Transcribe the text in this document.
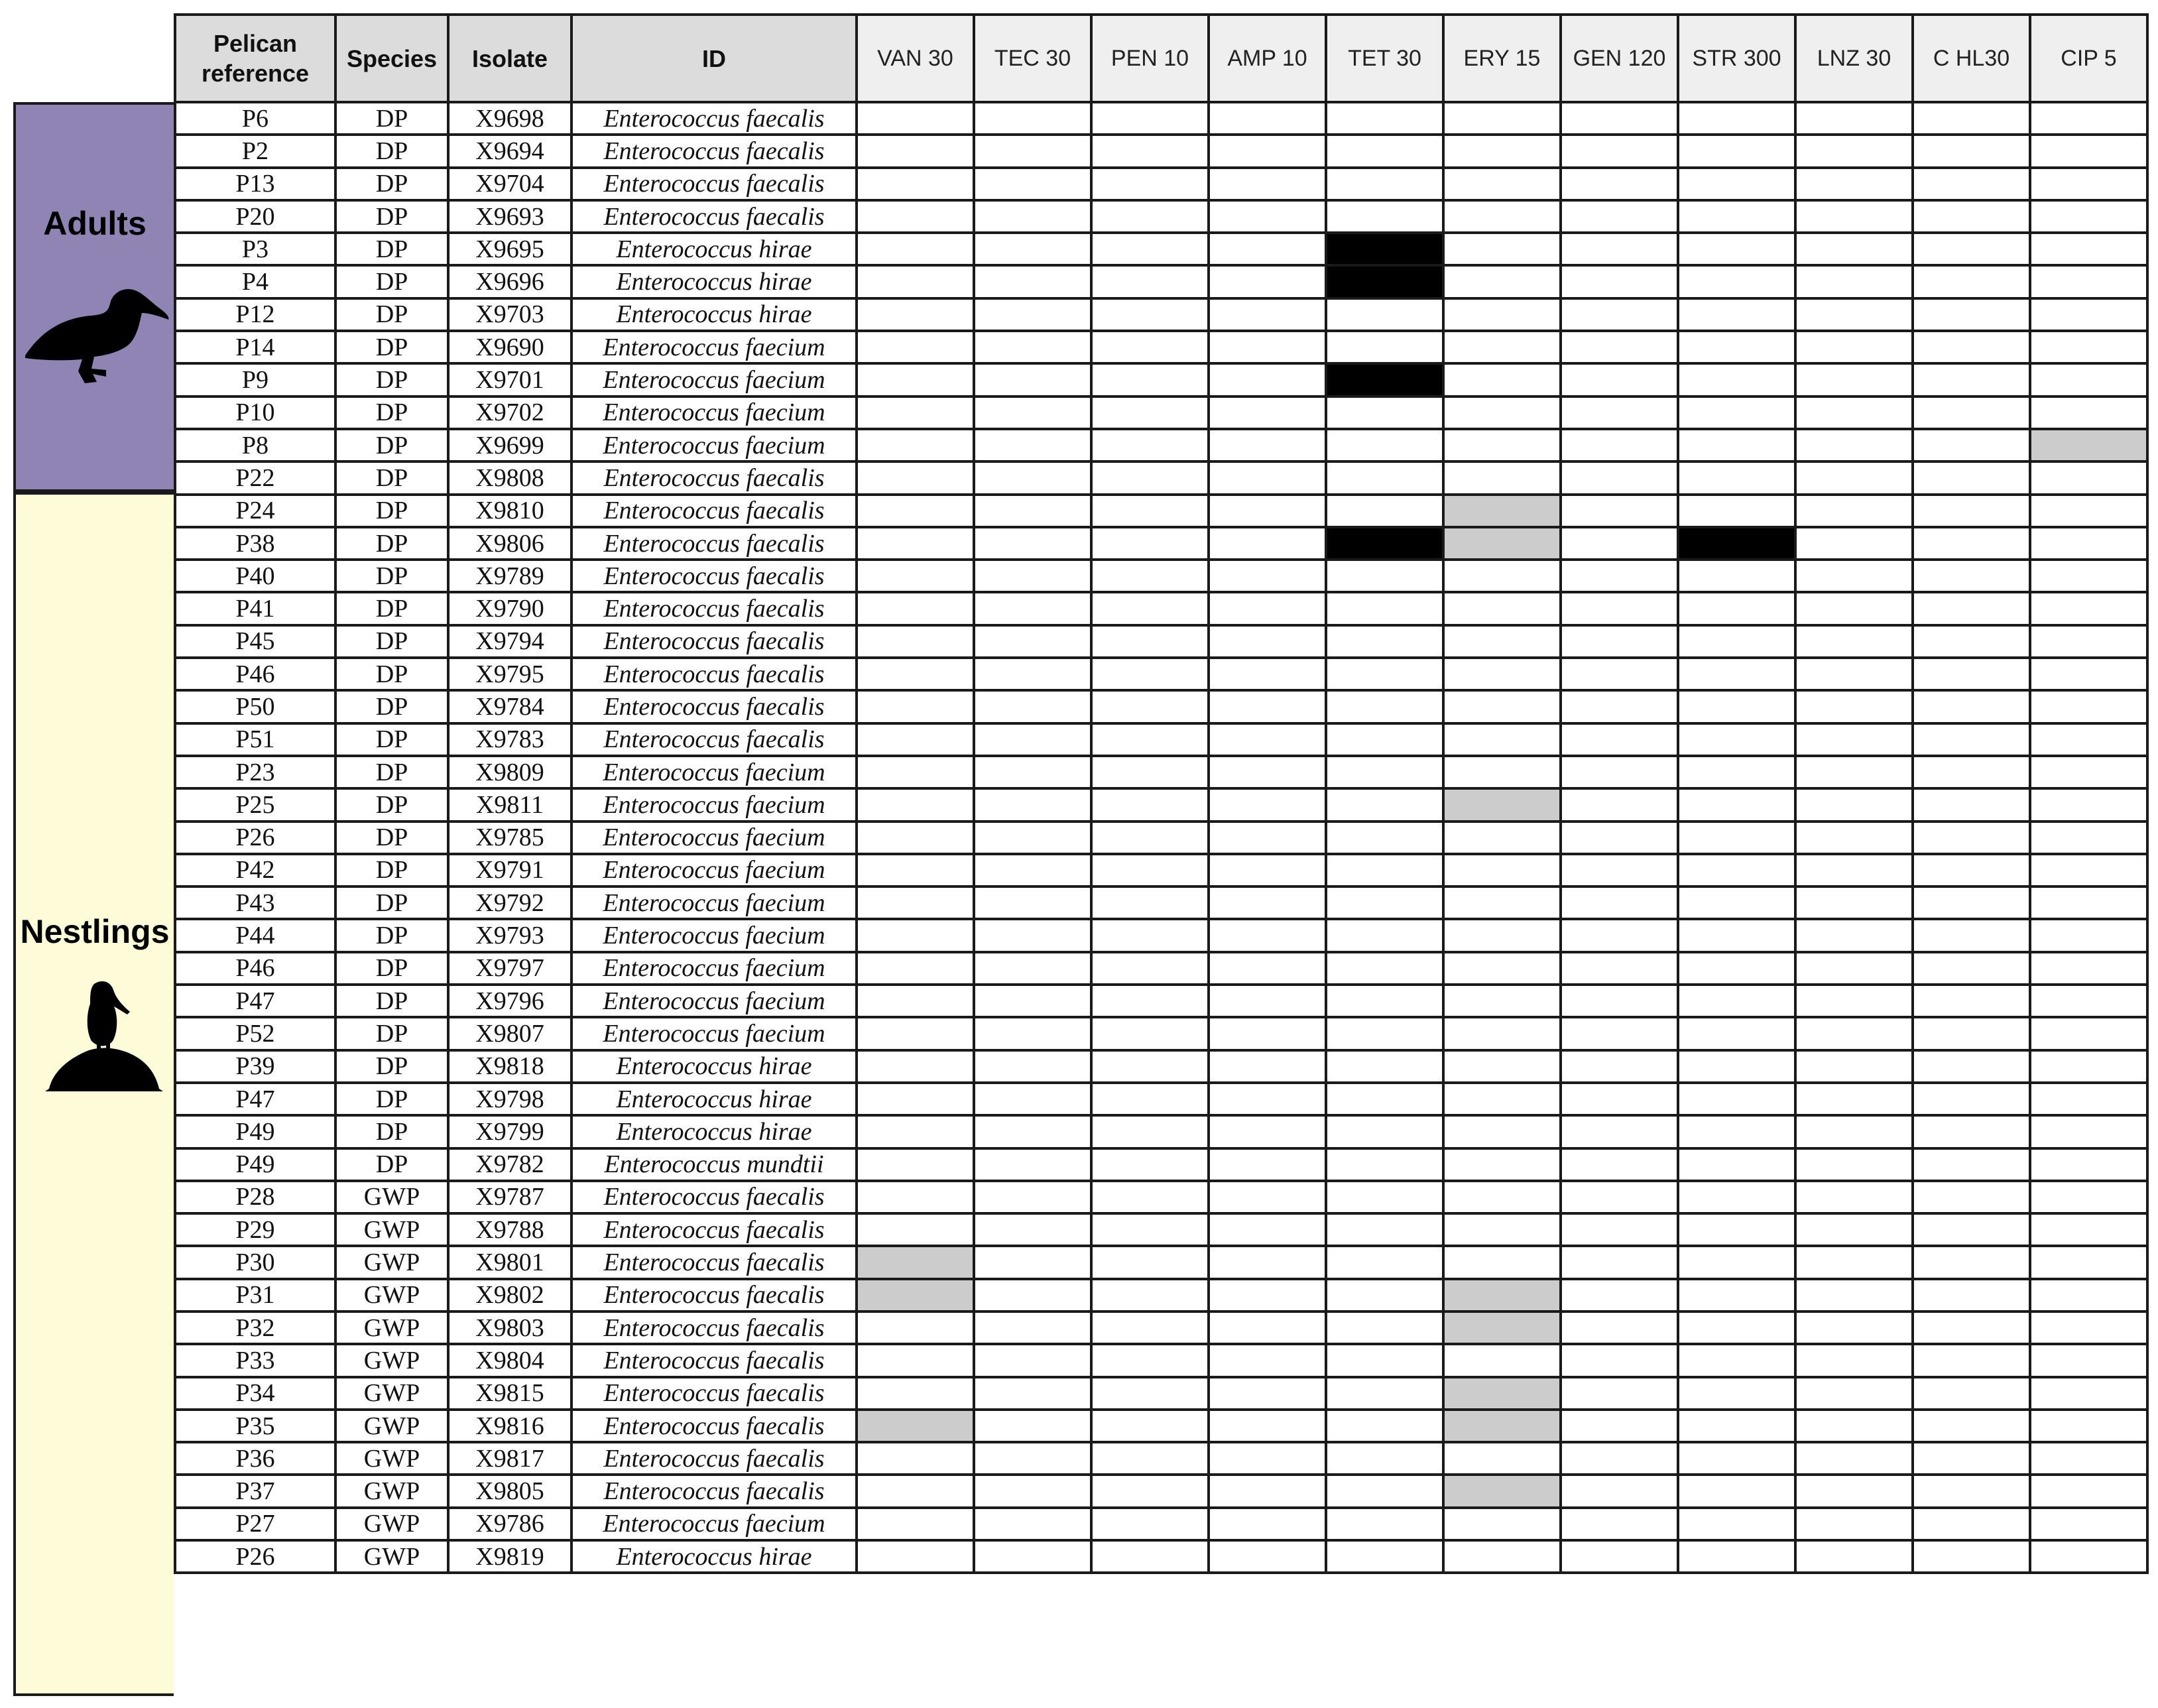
Adults
Nestlings
Pelican reference	Species	Isolate	ID	VAN 30	TEC 30	PEN 10	AMP 10	TET 30	ERY 15	GEN 120	STR 300	LNZ 30	C HL30	CIP 5
P6	DP	X9698	Enterococcus faecalis											
P2	DP	X9694	Enterococcus faecalis											
P13	DP	X9704	Enterococcus faecalis											
P20	DP	X9693	Enterococcus faecalis											
P3	DP	X9695	Enterococcus hirae											
P4	DP	X9696	Enterococcus hirae											
P12	DP	X9703	Enterococcus hirae											
P14	DP	X9690	Enterococcus faecium											
P9	DP	X9701	Enterococcus faecium											
P10	DP	X9702	Enterococcus faecium											
P8	DP	X9699	Enterococcus faecium											
P22	DP	X9808	Enterococcus faecalis											
P24	DP	X9810	Enterococcus faecalis											
P38	DP	X9806	Enterococcus faecalis											
P40	DP	X9789	Enterococcus faecalis											
P41	DP	X9790	Enterococcus faecalis											
P45	DP	X9794	Enterococcus faecalis											
P46	DP	X9795	Enterococcus faecalis											
P50	DP	X9784	Enterococcus faecalis											
P51	DP	X9783	Enterococcus faecalis											
P23	DP	X9809	Enterococcus faecium											
P25	DP	X9811	Enterococcus faecium											
P26	DP	X9785	Enterococcus faecium											
P42	DP	X9791	Enterococcus faecium											
P43	DP	X9792	Enterococcus faecium											
P44	DP	X9793	Enterococcus faecium											
P46	DP	X9797	Enterococcus faecium											
P47	DP	X9796	Enterococcus faecium											
P52	DP	X9807	Enterococcus faecium											
P39	DP	X9818	Enterococcus hirae											
P47	DP	X9798	Enterococcus hirae											
P49	DP	X9799	Enterococcus hirae											
P49	DP	X9782	Enterococcus mundtii											
P28	GWP	X9787	Enterococcus faecalis											
P29	GWP	X9788	Enterococcus faecalis											
P30	GWP	X9801	Enterococcus faecalis											
P31	GWP	X9802	Enterococcus faecalis											
P32	GWP	X9803	Enterococcus faecalis											
P33	GWP	X9804	Enterococcus faecalis											
P34	GWP	X9815	Enterococcus faecalis											
P35	GWP	X9816	Enterococcus faecalis											
P36	GWP	X9817	Enterococcus faecalis											
P37	GWP	X9805	Enterococcus faecalis											
P27	GWP	X9786	Enterococcus faecium											
P26	GWP	X9819	Enterococcus hirae											
